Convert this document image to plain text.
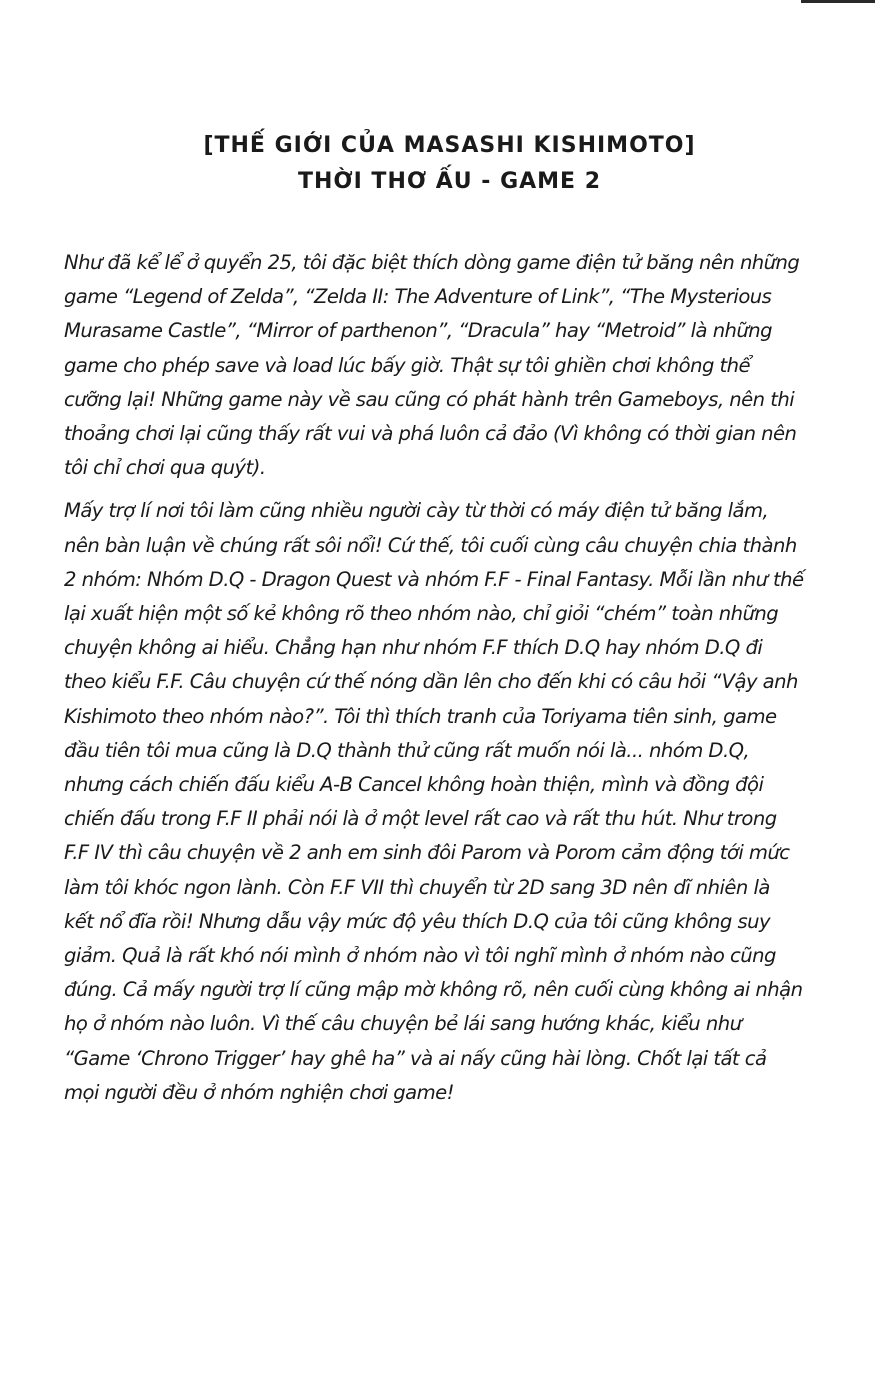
[THẾ GIỚI CỦA MASASHI KISHIMOTO]
THỜI THƠ ẤU - GAME 2

Như đã kể lể ở quyển 25, tôi đặc biệt thích dòng game điện tử băng nên những game “Legend of Zelda”, “Zelda II: The Adventure of Link”, “The Mysterious Murasame Castle”, “Mirror of parthenon”, “Dracula” hay “Metroid” là những game cho phép save và load lúc bấy giờ. Thật sự tôi ghiền chơi không thể cưỡng lại! Những game này về sau cũng có phát hành trên Gameboys, nên thi thoảng chơi lại cũng thấy rất vui và phá luôn cả đảo (Vì không có thời gian nên tôi chỉ chơi qua quýt).

Mấy trợ lí nơi tôi làm cũng nhiều người cày từ thời có máy điện tử băng lắm, nên bàn luận về chúng rất sôi nổi! Cứ thế, tôi cuối cùng câu chuyện chia thành 2 nhóm: Nhóm D.Q - Dragon Quest và nhóm F.F - Final Fantasy. Mỗi lần như thế lại xuất hiện một số kẻ không rõ theo nhóm nào, chỉ giỏi “chém” toàn những chuyện không ai hiểu. Chẳng hạn như nhóm F.F thích D.Q hay nhóm D.Q đi theo kiểu F.F. Câu chuyện cứ thế nóng dần lên cho đến khi có câu hỏi “Vậy anh Kishimoto theo nhóm nào?”. Tôi thì thích tranh của Toriyama tiên sinh, game đầu tiên tôi mua cũng là D.Q thành thử cũng rất muốn nói là... nhóm D.Q, nhưng cách chiến đấu kiểu A-B Cancel không hoàn thiện, mình và đồng đội chiến đấu trong F.F II phải nói là ở một level rất cao và rất thu hút. Như trong F.F IV thì câu chuyện về 2 anh em sinh đôi Parom và Porom cảm động tới mức làm tôi khóc ngon lành. Còn F.F VII thì chuyển từ 2D sang 3D nên dĩ nhiên là kết nổ đĩa rồi! Nhưng dẫu vậy mức độ yêu thích D.Q của tôi cũng không suy giảm. Quả là rất khó nói mình ở nhóm nào vì tôi nghĩ mình ở nhóm nào cũng đúng. Cả mấy người trợ lí cũng mập mờ không rõ, nên cuối cùng không ai nhận họ ở nhóm nào luôn. Vì thế câu chuyện bẻ lái sang hướng khác, kiểu như “Game ‘Chrono Trigger’ hay ghê ha” và ai nấy cũng hài lòng. Chốt lại tất cả mọi người đều ở nhóm nghiện chơi game!
